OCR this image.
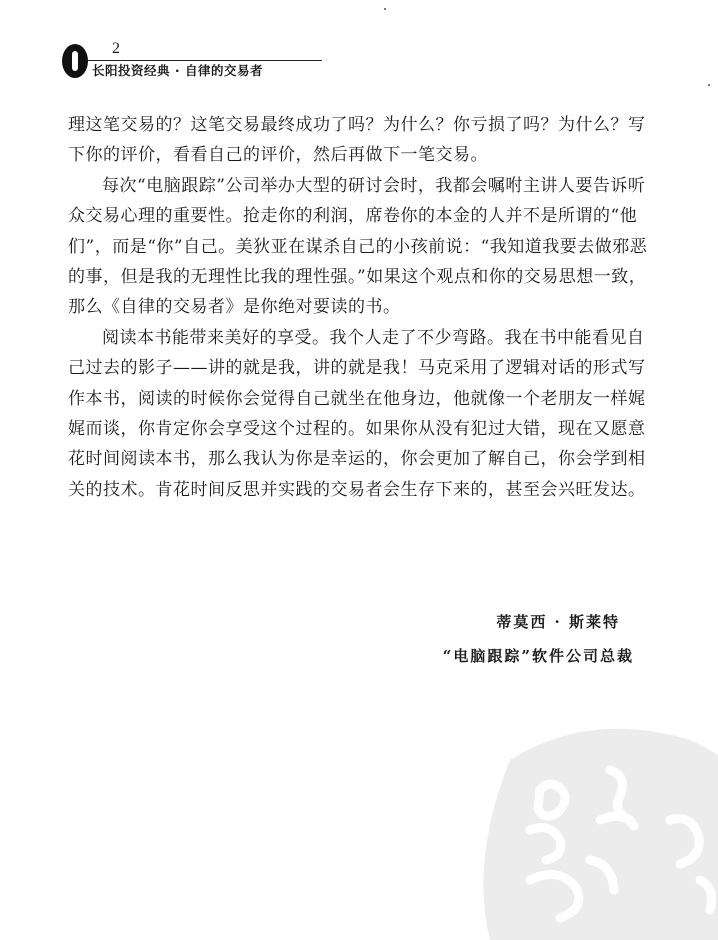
2
长阳投资经典 · 自律的交易者

理这笔交易的？这笔交易最终成功了吗？为什么？你亏损了吗？为什么？写下你的评价，看看自己的评价，然后再做下一笔交易。

每次“电脑跟踪”公司举办大型的研讨会时，我都会嘱咐主讲人要告诉听众交易心理的重要性。抢走你的利润，席卷你的本金的人并不是所谓的“他们”，而是“你”自己。美狄亚在谋杀自己的小孩前说：“我知道我要去做邪恶的事，但是我的无理性比我的理性强。”如果这个观点和你的交易思想一致，那么《自律的交易者》是你绝对要读的书。

阅读本书能带来美好的享受。我个人走了不少弯路。我在书中能看见自己过去的影子——讲的就是我，讲的就是我！马克采用了逻辑对话的形式写作本书，阅读的时候你会觉得自己就坐在他身边，他就像一个老朋友一样娓娓而谈，你肯定你会享受这个过程的。如果你从没有犯过大错，现在又愿意花时间阅读本书，那么我认为你是幸运的，你会更加了解自己，你会学到相关的技术。肯花时间反思并实践的交易者会生存下来的，甚至会兴旺发达。

蒂莫西 · 斯莱特
“电脑跟踪”软件公司总裁
